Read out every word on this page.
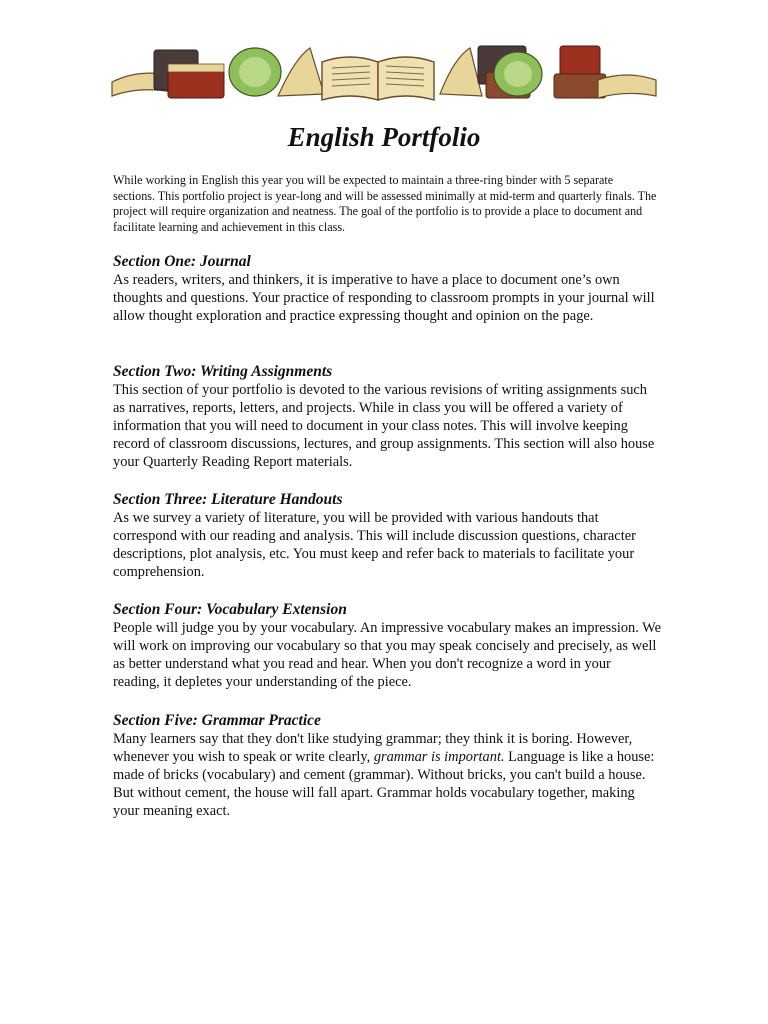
English Portfolio

While working in English this year you will be expected to maintain a three-ring binder with 5 separate sections. This portfolio project is year-long and will be assessed minimally at mid-term and quarterly finals. The project will require organization and neatness. The goal of the portfolio is to provide a place to document and facilitate learning and achievement in this class.

Section One: Journal

As readers, writers, and thinkers, it is imperative to have a place to document one’s own thoughts and questions. Your practice of responding to classroom prompts in your journal will allow thought exploration and practice expressing thought and opinion on the page.

Section Two: Writing Assignments

This section of your portfolio is devoted to the various revisions of writing assignments such as narratives, reports, letters, and projects. While in class you will be offered a variety of information that you will need to document in your class notes. This will involve keeping record of classroom discussions, lectures, and group assignments. This section will also house your Quarterly Reading Report materials.

Section Three: Literature Handouts

As we survey a variety of literature, you will be provided with various handouts that correspond with our reading and analysis. This will include discussion questions, character descriptions, plot analysis, etc. You must keep and refer back to materials to facilitate your comprehension.

Section Four: Vocabulary Extension

People will judge you by your vocabulary. An impressive vocabulary makes an impression. We will work on improving our vocabulary so that you may speak concisely and precisely, as well as better understand what you read and hear. When you don't recognize a word in your reading, it depletes your understanding of the piece.

Section Five: Grammar Practice

Many learners say that they don't like studying grammar; they think it is boring. However, whenever you wish to speak or write clearly, grammar is important. Language is like a house: made of bricks (vocabulary) and cement (grammar). Without bricks, you can't build a house. But without cement, the house will fall apart. Grammar holds vocabulary together, making your meaning exact.
